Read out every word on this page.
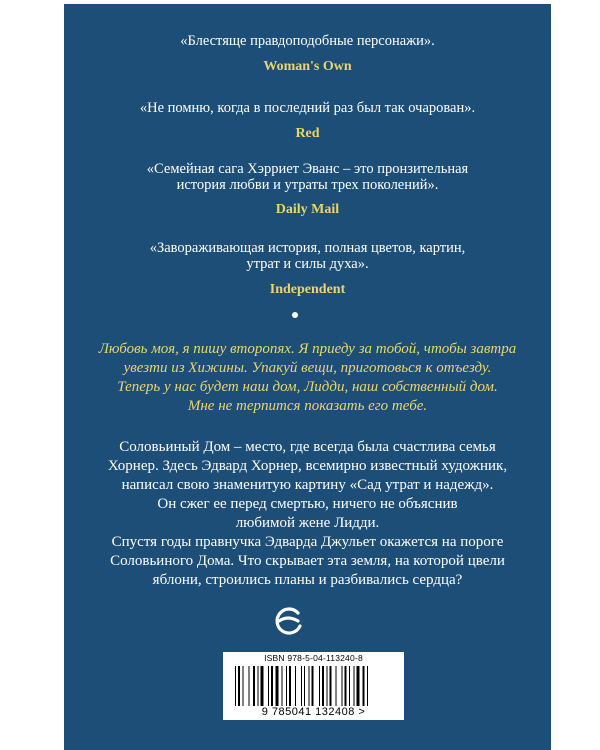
«Блестяще правдоподобные персонажи».
Woman's Own
«Не помню, когда в последний раз был так очарован».
Red
«Семейная сага Хэрриет Эванс – это пронзительная
история любви и утраты трех поколений».
Daily Mail
«Завораживающая история, полная цветов, картин,
утрат и силы духа».
Independent
Любовь моя, я пишу второпях. Я приеду за тобой, чтобы завтра
увезти из Хижины. Упакуй вещи, приготовься к отъезду.
Теперь у нас будет наш дом, Лидди, наш собственный дом.
Мне не терпится показать его тебе.
Соловьиный Дом – место, где всегда была счастлива семья
Хорнер. Здесь Эдвард Хорнер, всемирно известный художник,
написал свою знаменитую картину «Сад утрат и надежд».
Он сжег ее перед смертью, ничего не объяснив
любимой жене Лидди.
Спустя годы правнучка Эдварда Джульет окажется на пороге
Соловьиного Дома. Что скрывает эта земля, на которой цвели
яблони, строились планы и разбивались сердца?
ISBN 978-5-04-113240-8
9 785041 132408 >
